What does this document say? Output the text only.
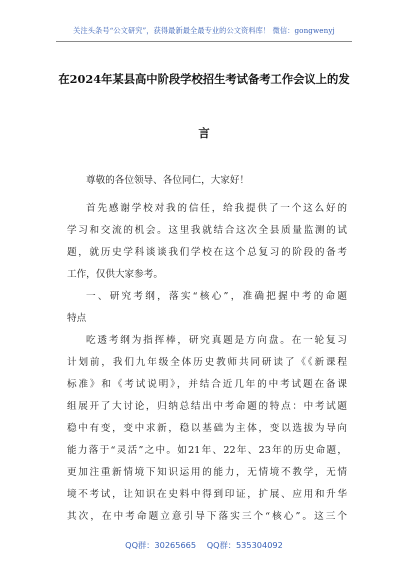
关注头条号“公文研究”，获得最新最全最专业的公文资料库！ 微信：gongwenyj
在2024年某县高中阶段学校招生考试备考工作会议上的发
言
尊敬的各位领导、各位同仁，大家好！
首先感谢学校对我的信任，给我提供了一个这么好的
学习和交流的机会。这里我就结合这次全县质量监测的试
题，就历史学科谈谈我们学校在这个总复习的阶段的备考
工作，仅供大家参考。
一、研究考纲，落实“核心”，准确把握中考的命题
特点
吃透考纲为指挥棒，研究真题是方向盘。在一轮复习
计划前，我们九年级全体历史教师共同研读了《《新课程
标准》和《考试说明》，并结合近几年的中考试题在备课
组展开了大讨论，归纳总结出中考命题的特点：中考试题
稳中有变，变中求新，稳以基础为主体，变以选拔为导向
能力落于“灵活”之中。如21年、22年、23年的历史命题，
更加注重新情境下知识运用的能力，无情境不教学，无情
境不考试，让知识在史料中得到印证，扩展、应用和升华
其次，在中考命题立意引导下落实三个“核心”。这三个
QQ群：30265665 QQ群：535304092
